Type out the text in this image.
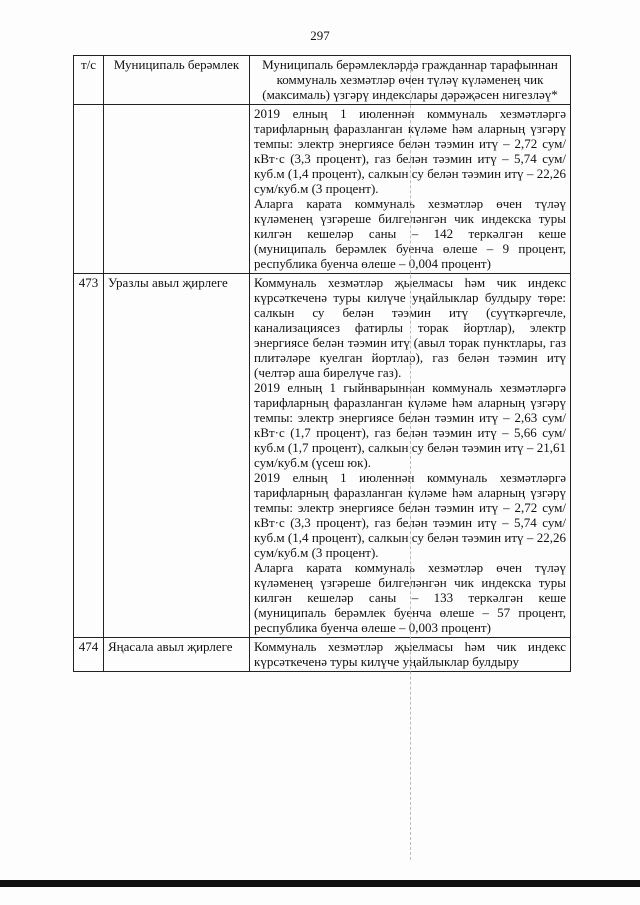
297
т/с	Муниципаль берәмлек	Муниципаль берәмлекләрдә гражданнар тарафыннан коммуналь хезмәтләр өчен түләү күләменең чик (максималь) үзгәрү индекслары дәрәҗәсен нигезләү*

		2019 елның 1 июленнән коммуналь хезмәтләргә тарифларның фаразланган күләме һәм аларның үзгәрү темпы: электр энергиясе белән тәэмин итү – 2,72 сум/кВт·с (3,3 процент), газ белән тәэмин итү – 5,74 сум/куб.м (1,4 процент), салкын су белән тәэмин итү – 22,26 сум/куб.м (3 процент).
Аларга карата коммуналь хезмәтләр өчен түләү күләменең үзгәреше билгеләнгән чик индекска туры килгән кешеләр саны – 142 теркәлгән кеше (муниципаль берәмлек буенча өлеше – 9 процент, республика буенча өлеше – 0,004 процент)

473	Уразлы авыл җирлеге	Коммуналь хезмәтләр җыелмасы һәм чик индекс күрсәткеченә туры килүче уңайлыклар булдыру төре: салкын су белән тәэмин итү (суүткәргечле, канализациясез фатирлы торак йортлар), электр энергиясе белән тәэмин итү (авыл торак пунктлары, газ плитәләре куелган йортлар), газ белән тәэмин итү (челтәр аша бирелүче газ).
2019 елның 1 гыйнварыннан коммуналь хезмәтләргә тарифларның фаразланган күләме һәм аларның үзгәрү темпы: электр энергиясе белән тәэмин итү – 2,63 сум/кВт·с (1,7 процент), газ белән тәэмин итү – 5,66 сум/куб.м (1,7 процент), салкын су белән тәэмин итү – 21,61 сум/куб.м (үсеш юк).
2019 елның 1 июленнән коммуналь хезмәтләргә тарифларның фаразланган күләме һәм аларның үзгәрү темпы: электр энергиясе белән тәэмин итү – 2,72 сум/кВт·с (3,3 процент), газ белән тәэмин итү – 5,74 сум/куб.м (1,4 процент), салкын су белән тәэмин итү – 22,26 сум/куб.м (3 процент).
Аларга карата коммуналь хезмәтләр өчен түләү күләменең үзгәреше билгеләнгән чик индекска туры килгән кешеләр саны – 133 теркәлгән кеше (муниципаль берәмлек буенча өлеше – 57 процент, республика буенча өлеше – 0,003 процент)

474	Яңасала авыл җирлеге	Коммуналь хезмәтләр җыелмасы һәм чик индекс күрсәткеченә туры килүче уңайлыклар булдыру
